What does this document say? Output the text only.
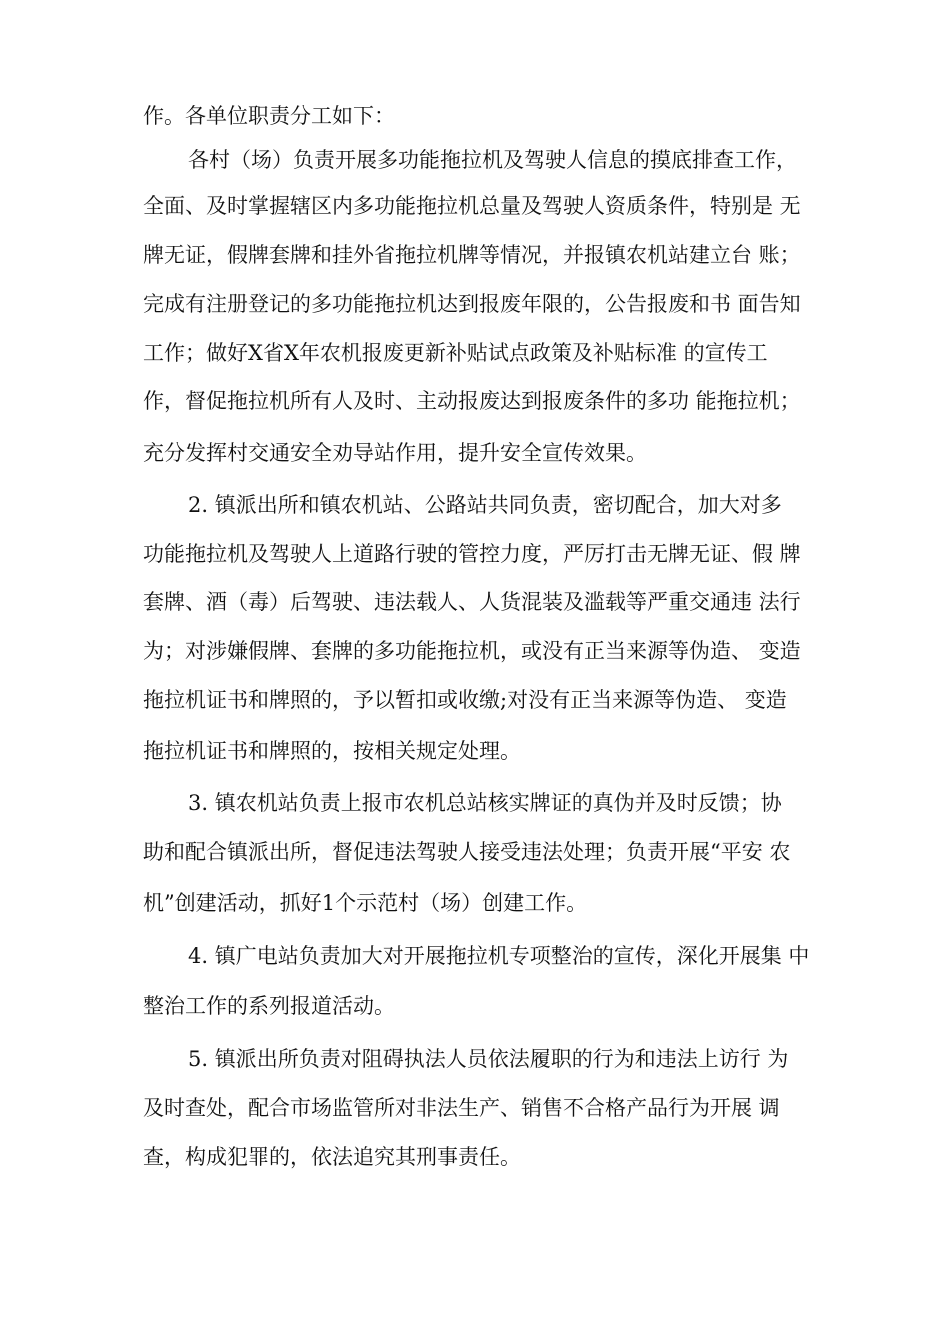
作。各单位职责分工如下：
各村（场）负责开展多功能拖拉机及驾驶人信息的摸底排查工作，
全面、及时掌握辖区内多功能拖拉机总量及驾驶人资质条件，特别是 无
牌无证，假牌套牌和挂外省拖拉机牌等情况，并报镇农机站建立台 账；
完成有注册登记的多功能拖拉机达到报废年限的，公告报废和书 面告知
工作；做好X省X年农机报废更新补贴试点政策及补贴标准 的宣传工
作，督促拖拉机所有人及时、主动报废达到报废条件的多功 能拖拉机；
充分发挥村交通安全劝导站作用，提升安全宣传效果。
2. 镇派出所和镇农机站、公路站共同负责，密切配合，加大对多
功能拖拉机及驾驶人上道路行驶的管控力度，严厉打击无牌无证、假 牌
套牌、酒（毒）后驾驶、违法载人、人货混装及滥载等严重交通违 法行
为；对涉嫌假牌、套牌的多功能拖拉机，或没有正当来源等伪造、 变造
拖拉机证书和牌照的，予以暂扣或收缴;对没有正当来源等伪造、 变造
拖拉机证书和牌照的，按相关规定处理。
3. 镇农机站负责上报市农机总站核实牌证的真伪并及时反馈；协
助和配合镇派出所，督促违法驾驶人接受违法处理；负责开展“平安 农
机”创建活动，抓好1个示范村（场）创建工作。
4. 镇广电站负责加大对开展拖拉机专项整治的宣传，深化开展集 中
整治工作的系列报道活动。
5. 镇派出所负责对阻碍执法人员依法履职的行为和违法上访行 为
及时查处，配合市场监管所对非法生产、销售不合格产品行为开展 调
查，构成犯罪的，依法追究其刑事责任。
